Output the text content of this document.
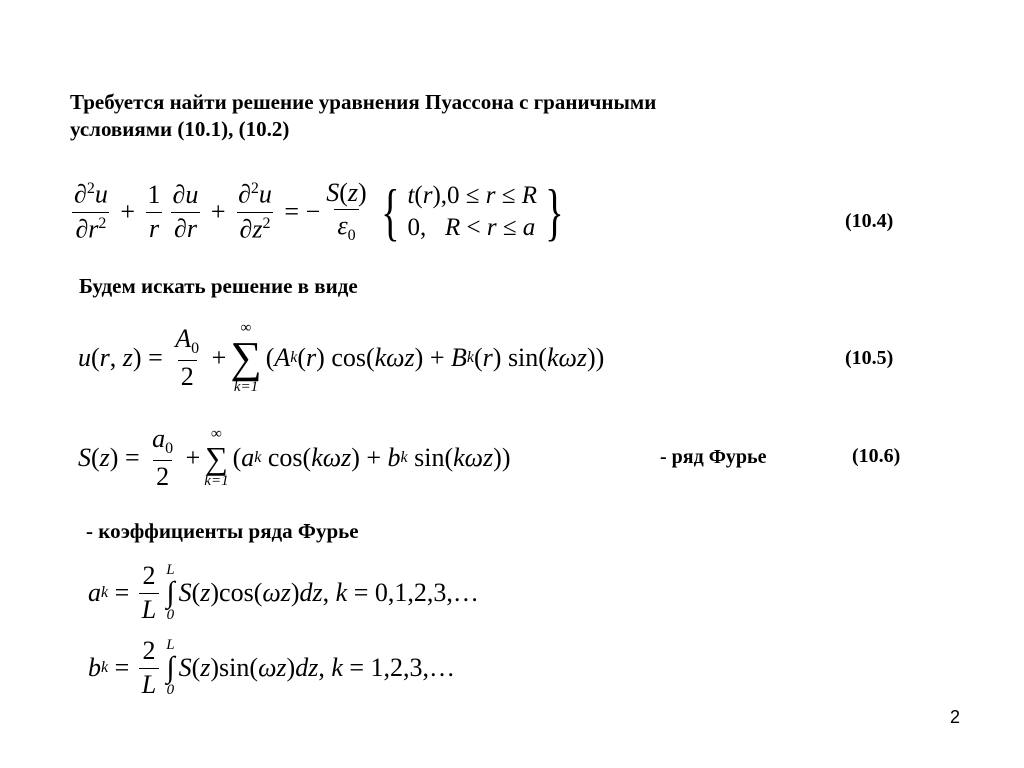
Требуется найти решение уравнения Пуассона с граничными
условиями (10.1), (10.2)
$\frac{\partial^2u}{\partial r^2} + \frac{1}{r} \frac{\partial u}{\partial r} + \frac{\partial^2u}{\partial z^2}$ = − $\frac{S(z)}{\varepsilon_0}$ { t(r),0 ≤ r ≤ R
0,   R < r ≤ a {	(10.4)
Будем искать решение в виде
u ( r , z ) = $\frac{A_0}{2}$ +
∞
∑
k=1
( A k ( r ) cos( kωz ) + B k ( r ) sin( kωz ))	(10.5)
S ( z ) = $\frac{a_0}{2}$ +
∞
∑
k=1
( a k cos( kωz ) + b k sin( kωz ))	- ряд Фурье	(10.6)
- коэффициенты ряда Фурье
a $k = \frac{2}{L}$ L
∫
0
S ( z )cos( ωz ) dz , k = 0,1,2,3,…
b $k = \frac{2}{L}$ L
∫
0
S ( z )sin( ωz ) dz , k = 1,2,3,…
2
